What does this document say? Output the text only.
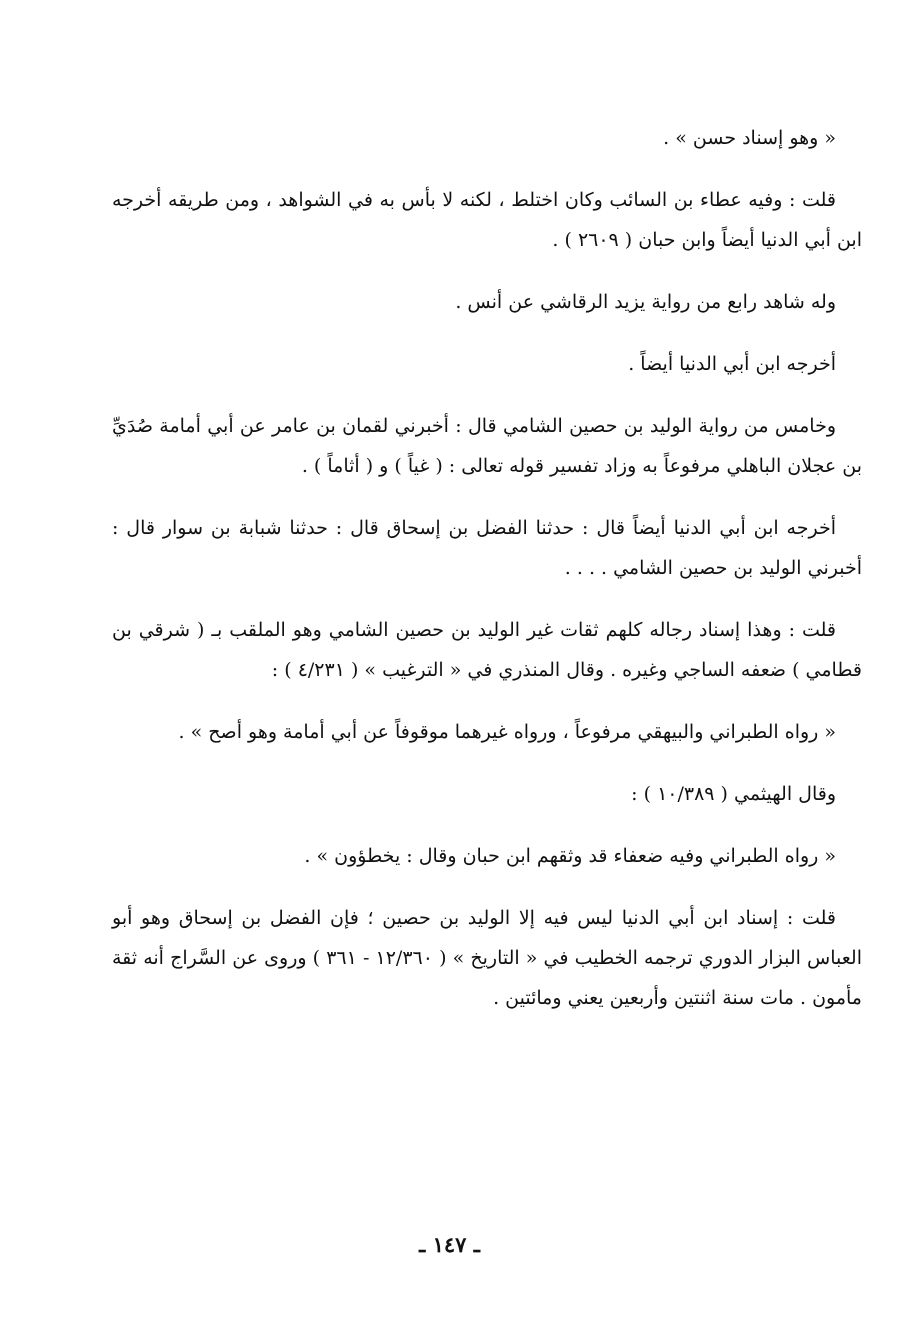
« وهو إسناد حسن » .

قلت : وفيه عطاء بن السائب وكان اختلط ، لكنه لا بأس به في الشواهد ، ومن طريقه أخرجه ابن أبي الدنيا أيضاً وابن حبان ( ٢٦٠٩ ) .

وله شاهد رابع من رواية يزيد الرقاشي عن أنس .

أخرجه ابن أبي الدنيا أيضاً .

وخامس من رواية الوليد بن حصين الشامي قال : أخبرني لقمان بن عامر عن أبي أمامة صُدَيِّ بن عجلان الباهلي مرفوعاً به وزاد تفسير قوله تعالى : ( غياً ) و ( أثاماً ) .

أخرجه ابن أبي الدنيا أيضاً قال : حدثنا الفضل بن إسحاق قال : حدثنا شبابة بن سوار قال : أخبرني الوليد بن حصين الشامي . . . .

قلت : وهذا إسناد رجاله كلهم ثقات غير الوليد بن حصين الشامي وهو الملقب بـ ( شرقي بن قطامي ) ضعفه الساجي وغيره . وقال المنذري في « الترغيب » ( ٤/٢٣١ ) :

« رواه الطبراني والبيهقي مرفوعاً ، ورواه غيرهما موقوفاً عن أبي أمامة وهو أصح » .

وقال الهيثمي ( ١٠/٣٨٩ ) :

« رواه الطبراني وفيه ضعفاء قد وثقهم ابن حبان وقال : يخطؤون » .

قلت : إسناد ابن أبي الدنيا ليس فيه إلا الوليد بن حصين ؛ فإن الفضل بن إسحاق وهو أبو العباس البزار الدوري ترجمه الخطيب في « التاريخ » ( ١٢/٣٦٠ - ٣٦١ ) وروى عن السَّراج أنه ثقة مأمون . مات سنة اثنتين وأربعين يعني ومائتين .

ـ ١٤٧ ـ
